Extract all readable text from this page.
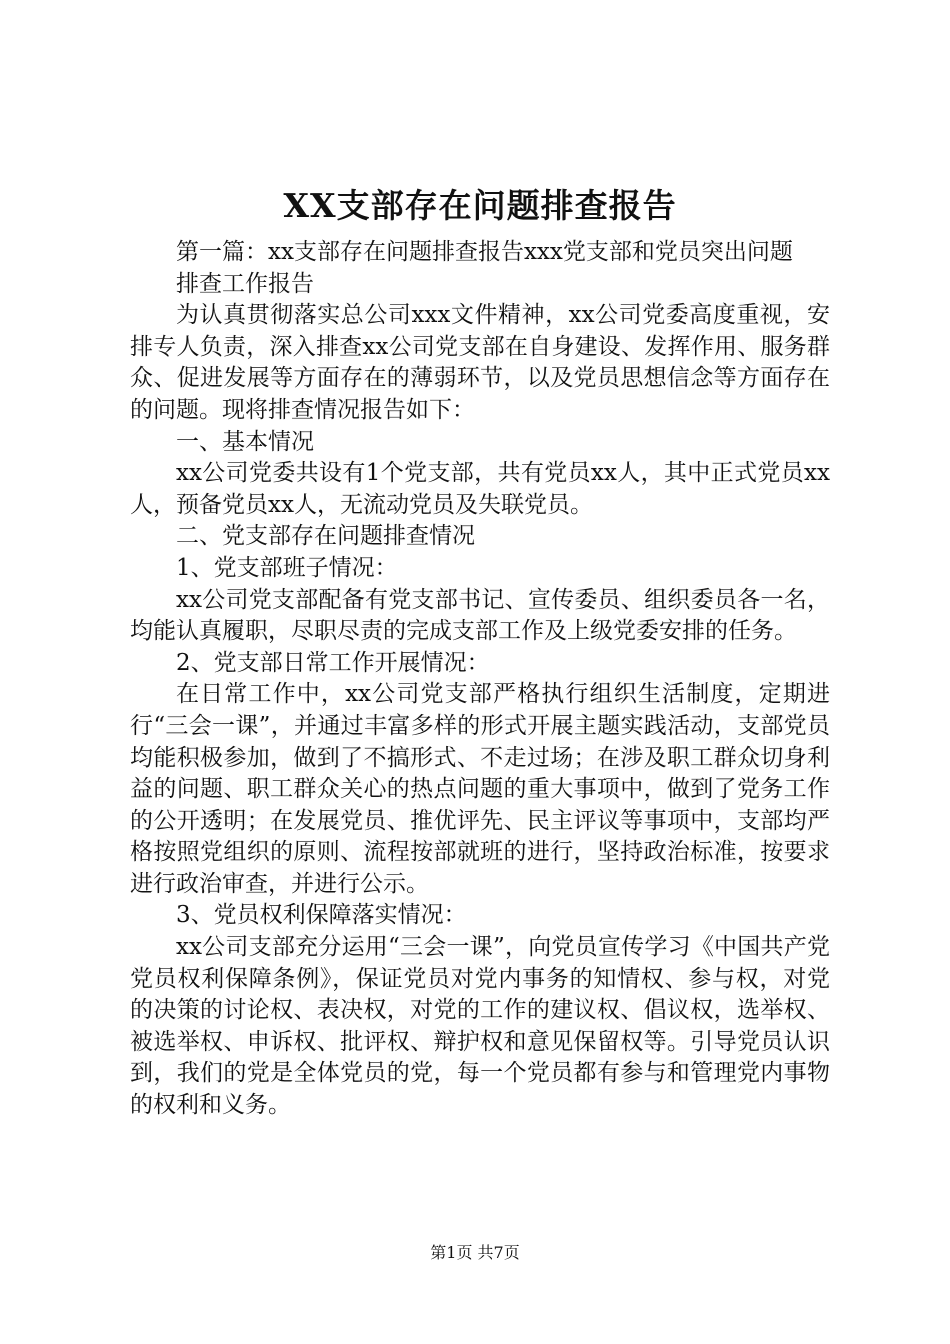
XX支部存在问题排查报告

第一篇：xx支部存在问题排查报告xxx党支部和党员突出问题

排查工作报告

为认真贯彻落实总公司xxx文件精神，xx公司党委高度重视，安排专人负责，深入排查xx公司党支部在自身建设、发挥作用、服务群众、促进发展等方面存在的薄弱环节，以及党员思想信念等方面存在的问题。现将排查情况报告如下：

一、基本情况

xx公司党委共设有1个党支部，共有党员xx人，其中正式党员xx人，预备党员xx人，无流动党员及失联党员。

二、党支部存在问题排查情况

1、党支部班子情况：

xx公司党支部配备有党支部书记、宣传委员、组织委员各一名，均能认真履职，尽职尽责的完成支部工作及上级党委安排的任务。

2、党支部日常工作开展情况：

在日常工作中，xx公司党支部严格执行组织生活制度，定期进行“三会一课”，并通过丰富多样的形式开展主题实践活动，支部党员均能积极参加，做到了不搞形式、不走过场；在涉及职工群众切身利益的问题、职工群众关心的热点问题的重大事项中，做到了党务工作的公开透明；在发展党员、推优评先、民主评议等事项中，支部均严格按照党组织的原则、流程按部就班的进行，坚持政治标准，按要求进行政治审查，并进行公示。

3、党员权利保障落实情况：

xx公司支部充分运用“三会一课”，向党员宣传学习《中国共产党党员权利保障条例》，保证党员对党内事务的知情权、参与权，对党的决策的讨论权、表决权，对党的工作的建议权、倡议权，选举权、被选举权、申诉权、批评权、辩护权和意见保留权等。引导党员认识到，我们的党是全体党员的党，每一个党员都有参与和管理党内事物的权利和义务。

第1页 共7页
